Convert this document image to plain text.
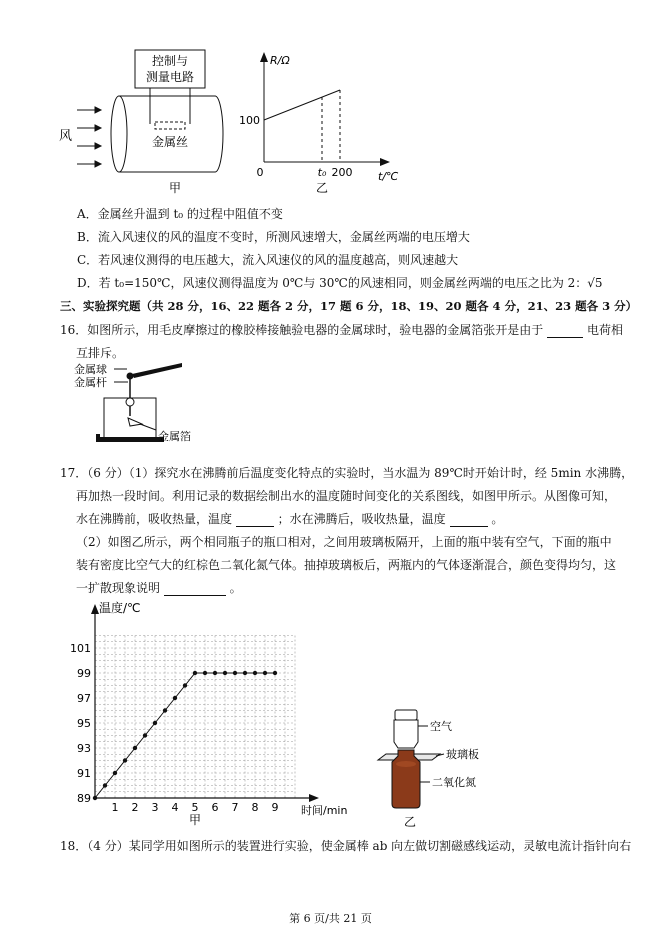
控制与
测量电路
金属丝
风
甲
R/Ω
100
0	t₀ 200 t/℃
乙
A．金属丝升温到 t₀ 的过程中阻值不变
B．流入风速仪的风的温度不变时，所测风速增大，金属丝两端的电压增大
C．若风速仪测得的电压越大，流入风速仪的风的温度越高，则风速越大
D．若 t₀=150℃，风速仪测得温度为 0℃与 30℃的风速相同，则金属丝两端的电压之比为 2：√5
三、实验探究题（共 28 分，16、22 题各 2 分，17 题 6 分，18、19、20 题各 4 分，21、23 题各 3 分）
16．如图所示，用毛皮摩擦过的橡胶棒接触验电器的金属球时，验电器的金属箔张开是由于	电荷相
互排斥。
金属球
金属杆
金属箔
17．（6 分）（1）探究水在沸腾前后温度变化特点的实验时，当水温为 89℃时开始计时，经 5min 水沸腾，
再加热一段时间。利用记录的数据绘制出水的温度随时间变化的关系图线，如图甲所示。从图像可知，
水在沸腾前，吸收热量，温度	；水在沸腾后，吸收热量，温度	。
（2）如图乙所示，两个相同瓶子的瓶口相对，之间用玻璃板隔开，上面的瓶中装有空气，下面的瓶中
装有密度比空气大的红棕色二氧化氮气体。抽掉玻璃板后，两瓶内的气体逐渐混合，颜色变得均匀，这
一扩散现象说明	。
1 2 3 4 5 6 7 8 9
89
91
93
95
97
99
101
温度/℃
时间/min
甲
空气
玻璃板
二氧化氮
乙
18．（4 分）某同学用如图所示的装置进行实验，使金属棒 ab 向左做切割磁感线运动，灵敏电流计指针向右
第 6 页/共 21 页
